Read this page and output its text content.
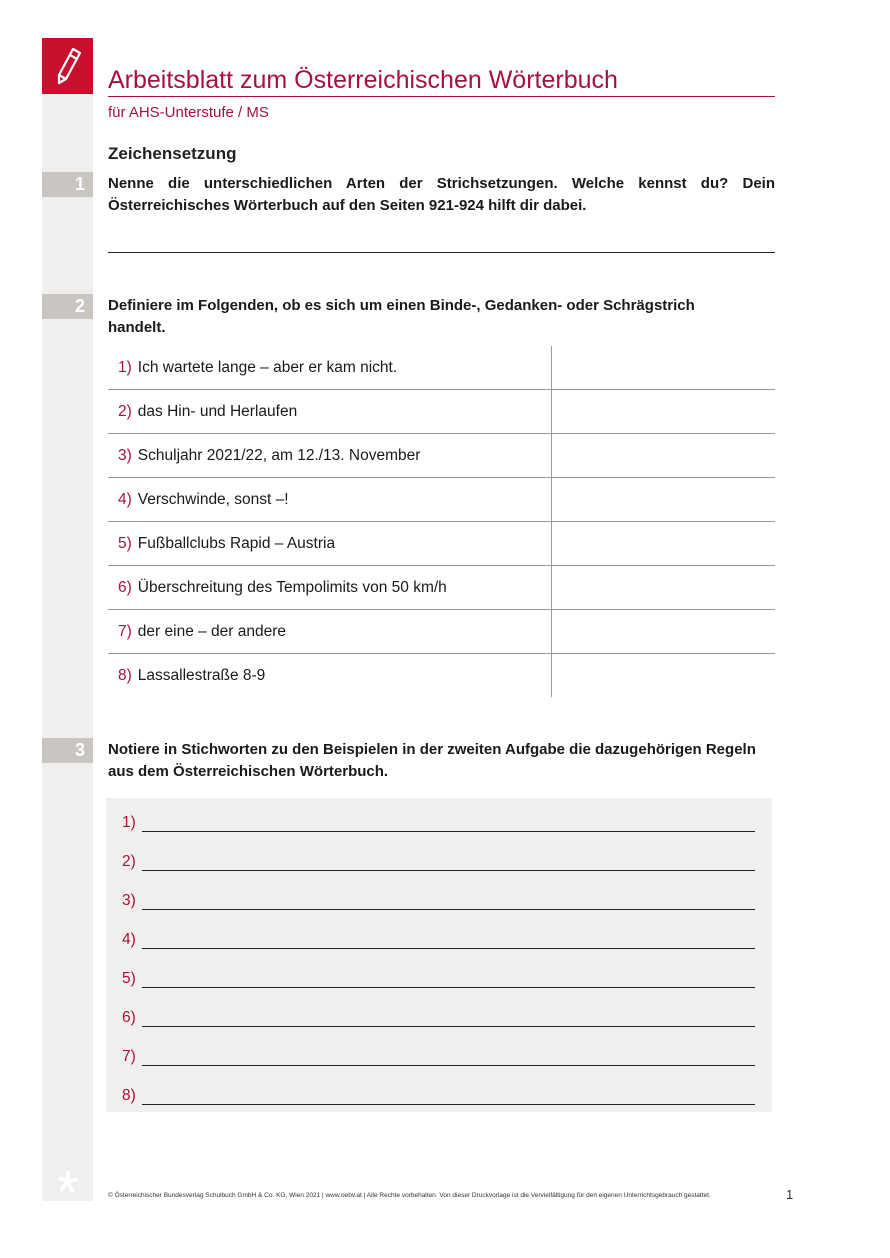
Arbeitsblatt zum Österreichischen Wörterbuch
für AHS-Unterstufe / MS
Zeichensetzung
1	Nenne die unterschiedlichen Arten der Strichsetzungen. Welche kennst du? Dein Österreichisches Wörterbuch auf den Seiten 921-924 hilft dir dabei.
2	Definiere im Folgenden, ob es sich um einen Binde-, Gedanken- oder Schrägstrich handelt.
1) Ich wartete lange – aber er kam nicht.
2) das Hin- und Herlaufen
3) Schuljahr 2021/22, am 12./13. November
4) Verschwinde, sonst –!
5) Fußballclubs Rapid – Austria
6) Überschreitung des Tempolimits von 50 km/h
7) der eine – der andere
8) Lassallestraße 8-9
3	Notiere in Stichworten zu den Beispielen in der zweiten Aufgabe die dazugehörigen Regeln aus dem Österreichischen Wörterbuch.
1)
2)
3)
4)
5)
6)
7)
8)
© Österreichischer Bundesverlag Schulbuch GmbH & Co. KG, Wien 2021 | www.oebv.at | Alle Rechte vorbehalten. Von dieser Druckvorlage ist die Vervielfältigung für den eigenen Unterrichtsgebrauch gestattet.	1
